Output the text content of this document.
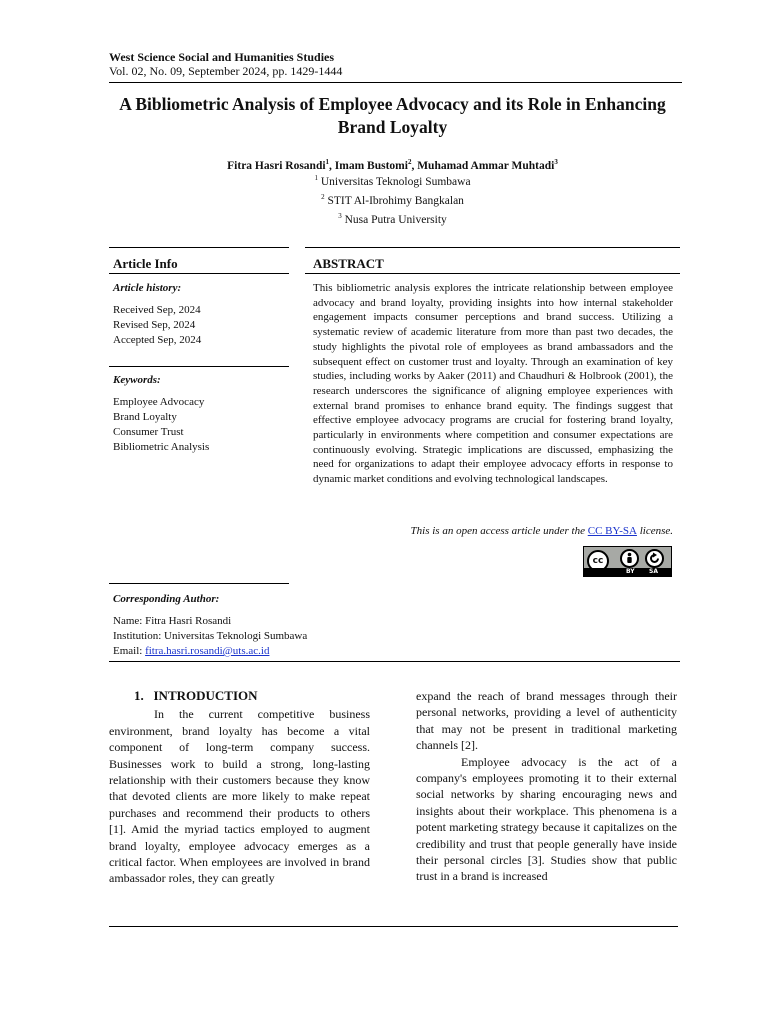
West Science Social and Humanities Studies
Vol. 02, No. 09, September 2024, pp. 1429-1444
A Bibliometric Analysis of Employee Advocacy and its Role in Enhancing Brand Loyalty
Fitra Hasri Rosandi$^1$, Imam Bustomi$^2$, Muhamad Ammar Muhtadi$^3$
$^1$ Universitas Teknologi Sumbawa
$^2$ STIT Al-Ibrohimy Bangkalan
$^3$ Nusa Putra University
Article Info	ABSTRACT
Article history:
Received Sep, 2024
Revised Sep, 2024
Accepted Sep, 2024
Keywords:
Employee Advocacy
Brand Loyalty
Consumer Trust
Bibliometric Analysis
This bibliometric analysis explores the intricate relationship between employee advocacy and brand loyalty, providing insights into how internal stakeholder engagement impacts consumer perceptions and brand success. Utilizing a systematic review of academic literature from more than past two decades, the study highlights the pivotal role of employees as brand ambassadors and the subsequent effect on customer trust and loyalty. Through an examination of key studies, including works by Aaker (2011) and Chaudhuri & Holbrook (2001), the research underscores the significance of aligning employee experiences with external brand promises to enhance brand equity. The findings suggest that effective employee advocacy programs are crucial for fostering brand loyalty, particularly in environments where competition and consumer expectations are continuously evolving. Strategic implications are discussed, emphasizing the need for organizations to adapt their employee advocacy efforts in response to dynamic market conditions and evolving technological landscapes.
This is an open access article under the CC BY-SA license.
cc
BY SA
Corresponding Author:
Name: Fitra Hasri Rosandi
Institution: Universitas Teknologi Sumbawa
Email: fitra.hasri.rosandi@uts.ac.id

1.   INTRODUCTION

In the current competitive business environment, brand loyalty has become a vital component of long-term company success. Businesses work to build a strong, long-lasting relationship with their customers because they know that devoted clients are more likely to make repeat purchases and recommend their products to others [1]. Amid the myriad tactics employed to augment brand loyalty, employee advocacy emerges as a critical factor. When employees are involved in brand ambassador roles, they can greatly

expand the reach of brand messages through their personal networks, providing a level of authenticity that may not be present in traditional marketing channels [2].

Employee advocacy is the act of a company's employees promoting it to their external social networks by sharing encouraging news and insights about their workplace. This phenomena is a potent marketing strategy because it capitalizes on the credibility and trust that people generally have inside their personal circles [3]. Studies show that public trust in a brand is increased
